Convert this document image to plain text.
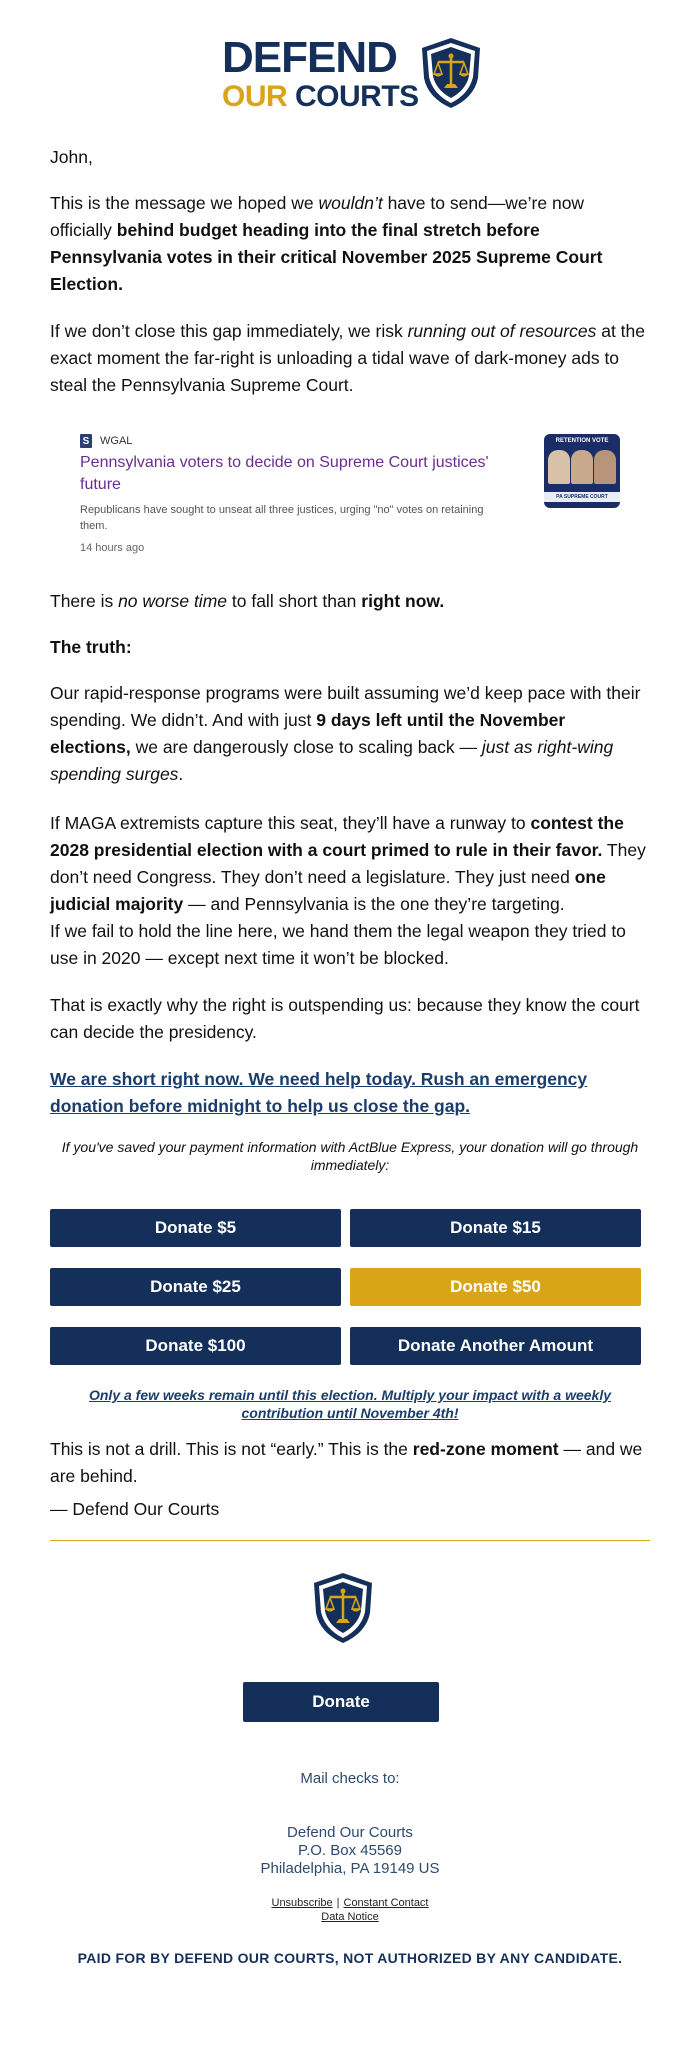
DEFEND
OUR COURTS

John,

This is the message we hoped we wouldn’t have to send—we’re now officially behind budget heading into the final stretch before Pennsylvania votes in their critical November 2025 Supreme Court Election.

If we don’t close this gap immediately, we risk running out of resources at the exact moment the far-right is unloading a tidal wave of dark-money ads to steal the Pennsylvania Supreme Court.

S WGAL
Pennsylvania voters to decide on Supreme Court justices' future
Republicans have sought to unseat all three justices, urging "no" votes on retaining them.
14 hours ago
RETENTION VOTE
PA SUPREME COURT RETENTION RACE

There is no worse time to fall short than right now.

The truth:

Our rapid-response programs were built assuming we’d keep pace with their spending. We didn’t. And with just 9 days left until the November elections, we are dangerously close to scaling back — just as right-wing spending surges.

If MAGA extremists capture this seat, they’ll have a runway to contest the 2028 presidential election with a court primed to rule in their favor. They don’t need Congress. They don’t need a legislature. They just need one judicial majority — and Pennsylvania is the one they’re targeting.

If we fail to hold the line here, we hand them the legal weapon they tried to use in 2020 — except next time it won’t be blocked.

That is exactly why the right is outspending us: because they know the court can decide the presidency.

We are short right now. We need help today. Rush an emergency donation before midnight to help us close the gap.

If you've saved your payment information with ActBlue Express, your donation will go through immediately:

Donate $5	Donate $15
Donate $25	Donate $50
Donate $100	Donate Another Amount

Only a few weeks remain until this election. Multiply your impact with a weekly contribution until November 4th!

This is not a drill. This is not “early.” This is the red-zone moment — and we are behind.

— Defend Our Courts

Donate

Mail checks to:

Defend Our Courts

P.O. Box 45569

Philadelphia, PA 19149 US

Unsubscribe | Constant Contact
Data Notice

PAID FOR BY DEFEND OUR COURTS, NOT AUTHORIZED BY ANY CANDIDATE.
